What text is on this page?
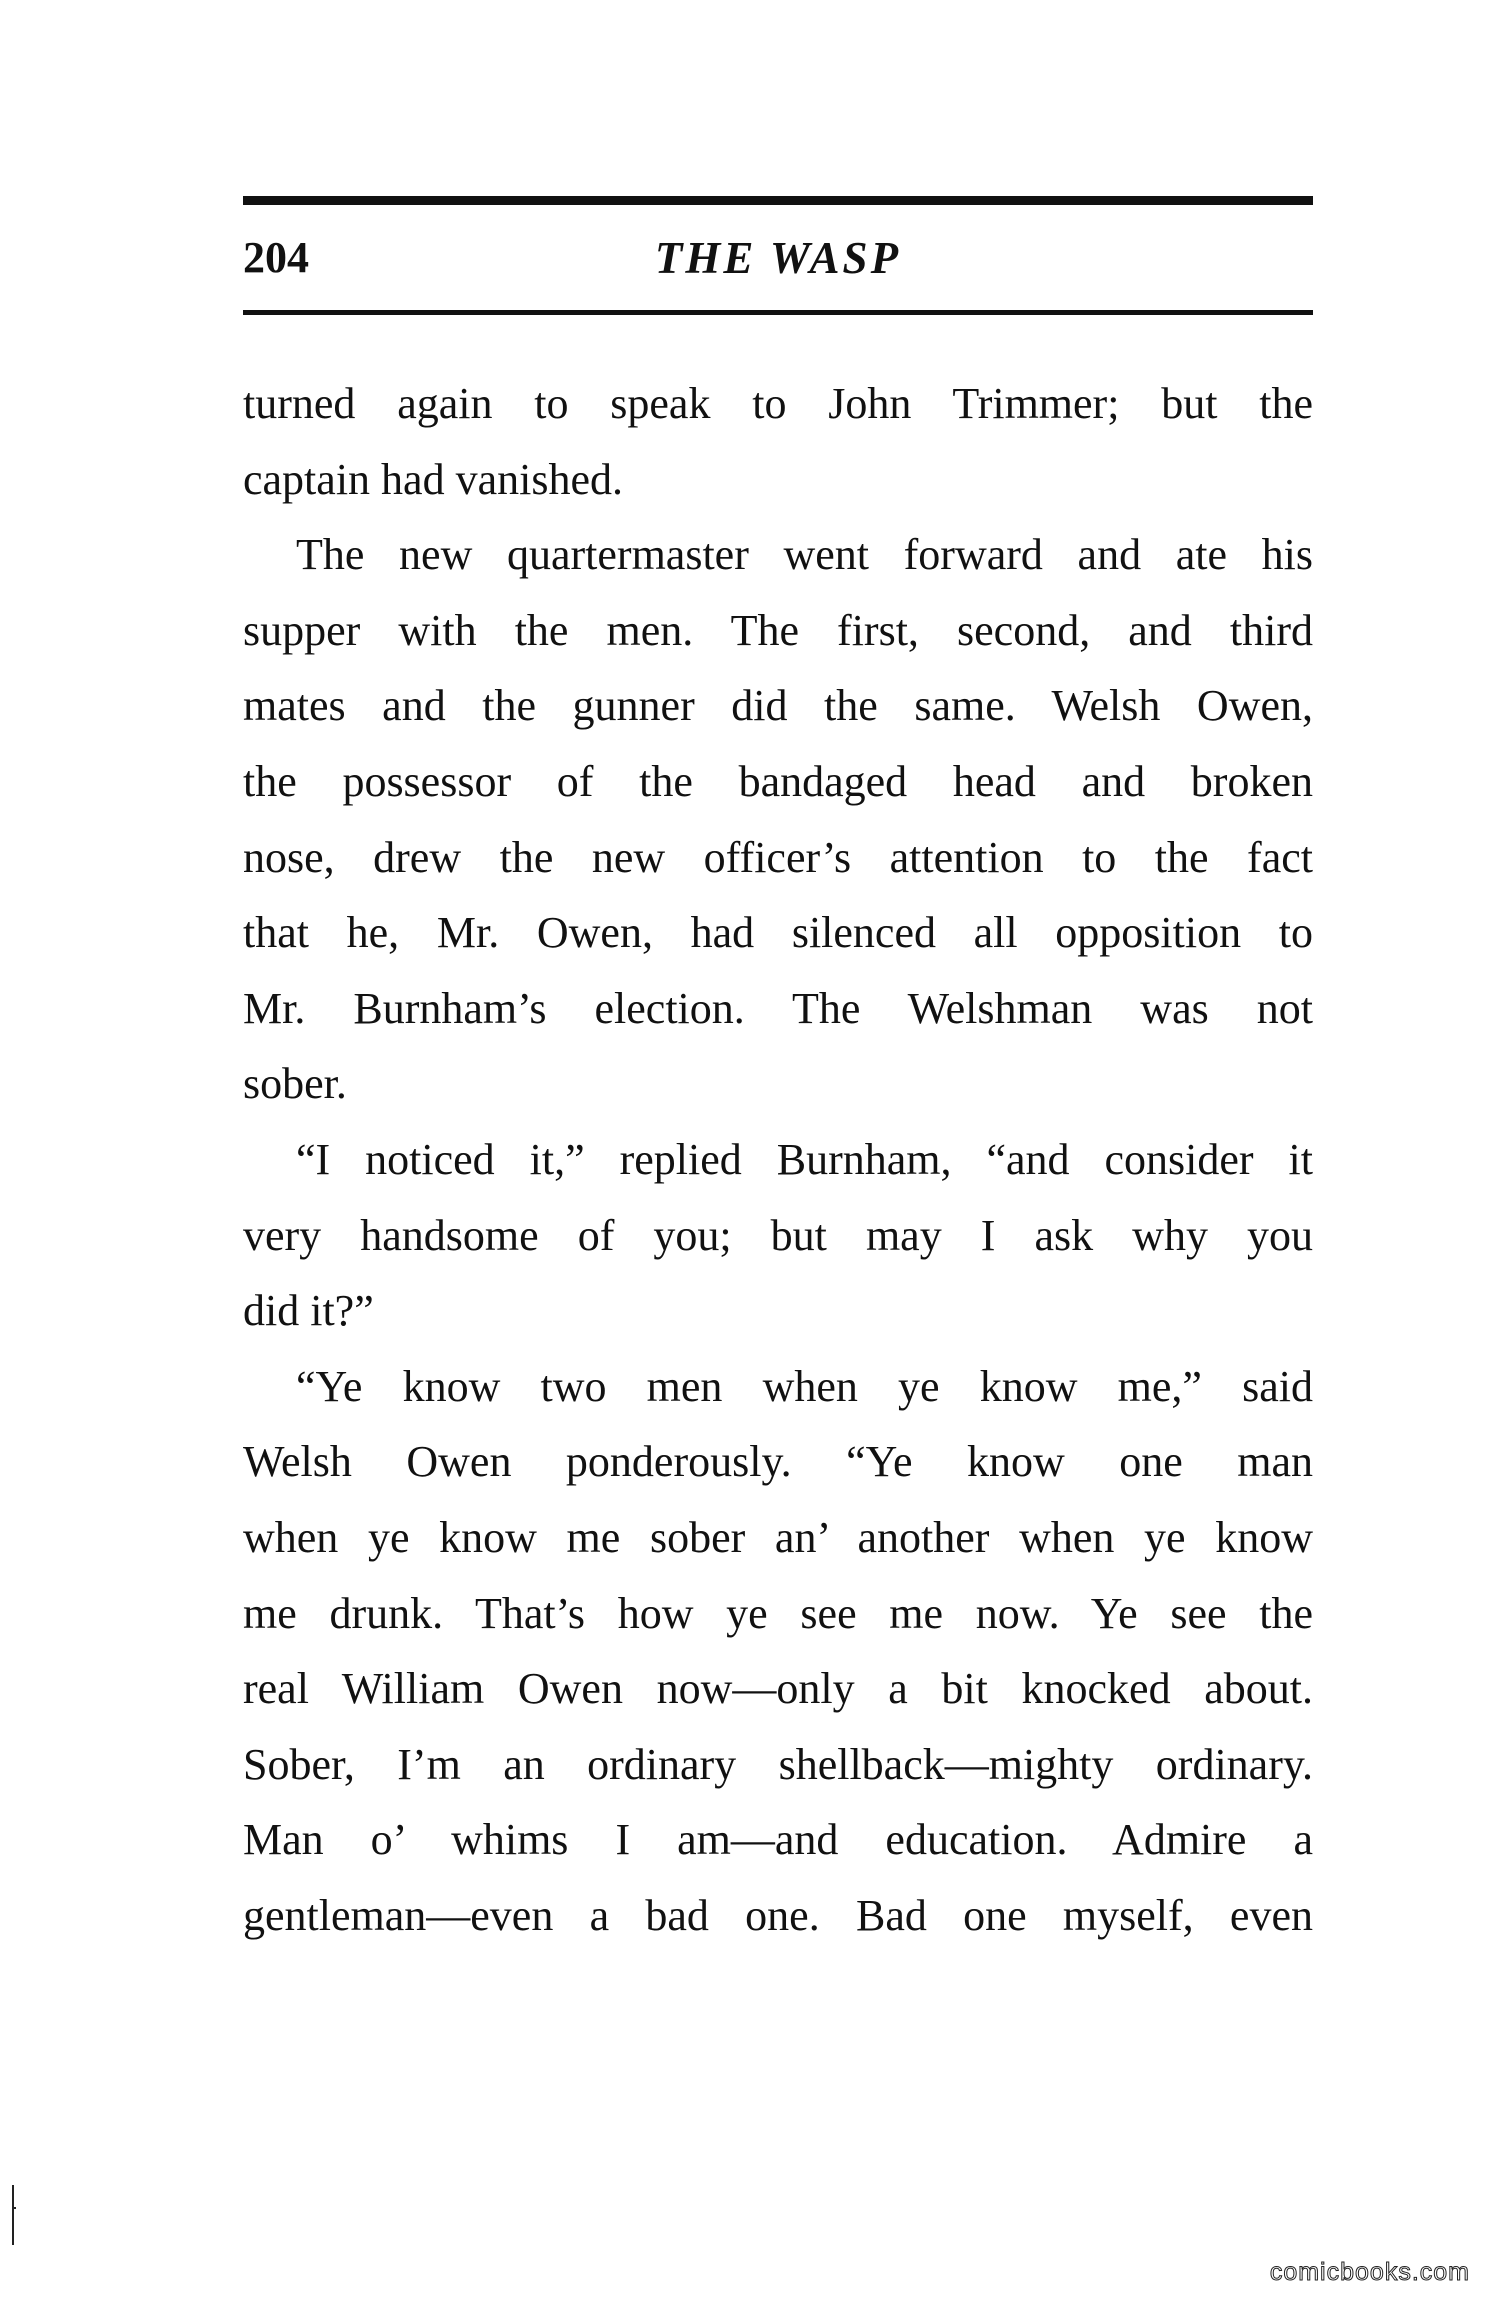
204	THE WASP
turned again to speak to John Trimmer; but the
captain had vanished.
The new quartermaster went forward and ate his
supper with the men. The first, second, and third
mates and the gunner did the same. Welsh Owen,
the possessor of the bandaged head and broken
nose, drew the new officer’s attention to the fact
that he, Mr. Owen, had silenced all opposition to
Mr. Burnham’s election. The Welshman was not
sober.
“I noticed it,” replied Burnham, “and consider it
very handsome of you; but may I ask why you
did it?”
“Ye know two men when ye know me,” said
Welsh Owen ponderously. “Ye know one man
when ye know me sober an’ another when ye know
me drunk. That’s how ye see me now. Ye see the
real William Owen now—only a bit knocked about.
Sober, I’m an ordinary shellback—mighty ordinary.
Man o’ whims I am—and education. Admire a
gentleman—even a bad one. Bad one myself, even
comicbooks.com
